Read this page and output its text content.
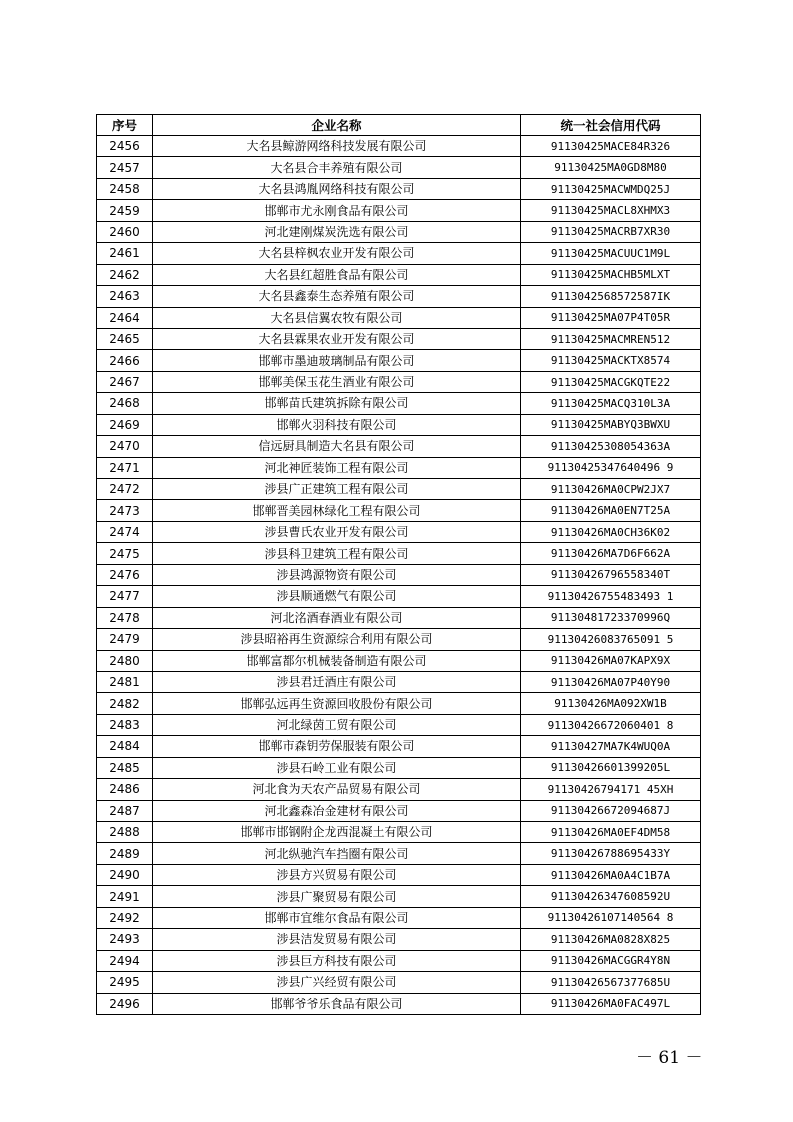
序号	企业名称	统一社会信用代码
2456	大名县鲸游网络科技发展有限公司	91130425MACE84R326
2457	大名县合丰养殖有限公司	91130425MA0GD8M80
2458	大名县鸿胤网络科技有限公司	91130425MACWMDQ25J
2459	邯郸市尤永刚食品有限公司	91130425MACL8XHMX3
2460	河北建刚煤炭洗选有限公司	91130425MACRB7XR30
2461	大名县梓枫农业开发有限公司	91130425MACUUC1M9L
2462	大名县红超胜食品有限公司	91130425MACHB5MLXT
2463	大名县鑫泰生态养殖有限公司	9113042568572587IK
2464	大名县信翼农牧有限公司	91130425MA07P4T05R
2465	大名县霖果农业开发有限公司	91130425MACMREN512
2466	邯郸市墨迪玻璃制品有限公司	91130425MACKTX8574
2467	邯郸美保玉花生酒业有限公司	91130425MACGKQTE22
2468	邯郸苗氏建筑拆除有限公司	91130425MACQ310L3A
2469	邯郸火羽科技有限公司	91130425MABYQ3BWXU
2470	信远厨具制造大名县有限公司	91130425308054363A
2471	河北神匠装饰工程有限公司	91130425347640496 9
2472	涉县广正建筑工程有限公司	91130426MA0CPW2JX7
2473	邯郸晋美园林绿化工程有限公司	91130426MA0EN7T25A
2474	涉县曹氏农业开发有限公司	91130426MA0CH36K02
2475	涉县科卫建筑工程有限公司	91130426MA7D6F662A
2476	涉县鸿源物资有限公司	91130426796558340T
2477	涉县顺通燃气有限公司	91130426755483493 1
2478	河北洺酒春酒业有限公司	91130481723370996Q
2479	涉县昭裕再生资源综合利用有限公司	91130426083765091 5
2480	邯郸富都尔机械装备制造有限公司	91130426MA07KAPX9X
2481	涉县君迁酒庄有限公司	91130426MA07P40Y90
2482	邯郸弘远再生资源回收股份有限公司	91130426MA092XW1B
2483	河北绿茵工贸有限公司	91130426672060401 8
2484	邯郸市森钥劳保服装有限公司	91130427MA7K4WUQ0A
2485	涉县石岭工业有限公司	91130426601399205L
2486	河北食为天农产品贸易有限公司	91130426794171 45XH
2487	河北鑫森冶金建材有限公司	91130426672094687J
2488	邯郸市邯钢附企龙西混凝土有限公司	91130426MA0EF4DM58
2489	河北纵驰汽车挡圈有限公司	91130426788695433Y
2490	涉县方兴贸易有限公司	91130426MA0A4C1B7A
2491	涉县广聚贸易有限公司	91130426347608592U
2492	邯郸市宜维尔食品有限公司	91130426107140564 8
2493	涉县洁发贸易有限公司	91130426MA0828X825
2494	涉县巨方科技有限公司	91130426MACGGR4Y8N
2495	涉县广兴经贸有限公司	91130426567377685U
2496	邯郸爷爷乐食品有限公司	91130426MA0FAC497L
－ 61 －
